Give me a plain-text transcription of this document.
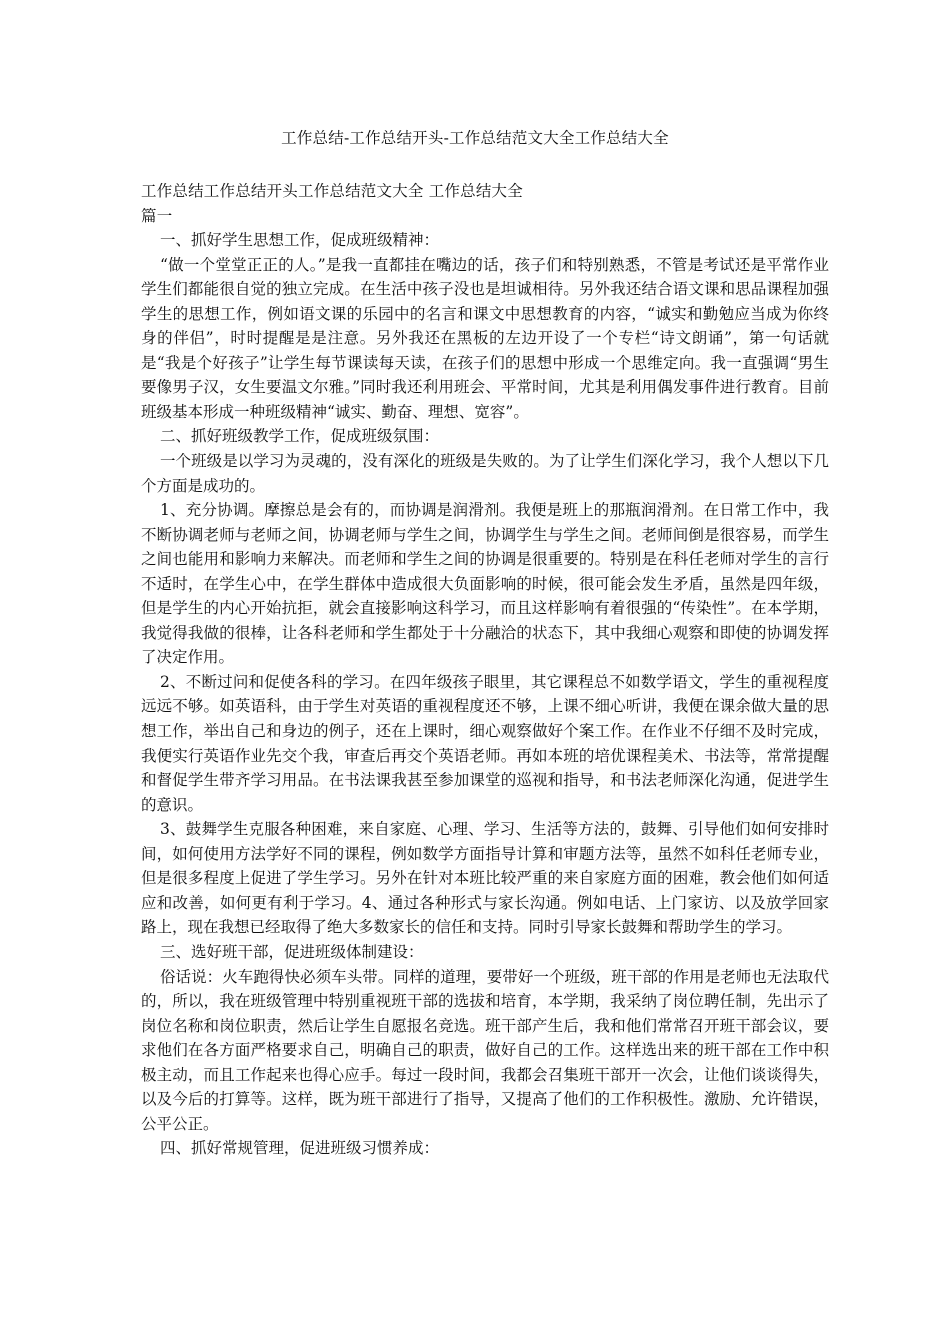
工作总结-工作总结开头-工作总结范文大全工作总结大全

工作总结工作总结开头工作总结范文大全 工作总结大全

篇一

一、抓好学生思想工作，促成班级精神：

“做一个堂堂正正的人。”是我一直都挂在嘴边的话，孩子们和特别熟悉，不管是考试还是平常作业学生们都能很自觉的独立完成。在生活中孩子没也是坦诚相待。另外我还结合语文课和思品课程加强学生的思想工作，例如语文课的乐园中的名言和课文中思想教育的内容，“诚实和勤勉应当成为你终身的伴侣”，时时提醒是是注意。另外我还在黑板的左边开设了一个专栏“诗文朗诵”，第一句话就是“我是个好孩子”让学生每节课读每天读，在孩子们的思想中形成一个思维定向。我一直强调“男生要像男子汉，女生要温文尔雅。”同时我还利用班会、平常时间，尤其是利用偶发事件进行教育。目前班级基本形成一种班级精神“诚实、勤奋、理想、宽容”。

二、抓好班级教学工作，促成班级氛围：

一个班级是以学习为灵魂的，没有深化的班级是失败的。为了让学生们深化学习，我个人想以下几个方面是成功的。

1、充分协调。摩擦总是会有的，而协调是润滑剂。我便是班上的那瓶润滑剂。在日常工作中，我不断协调老师与老师之间，协调老师与学生之间，协调学生与学生之间。老师间倒是很容易，而学生之间也能用和影响力来解决。而老师和学生之间的协调是很重要的。特别是在科任老师对学生的言行不适时，在学生心中，在学生群体中造成很大负面影响的时候，很可能会发生矛盾，虽然是四年级，但是学生的内心开始抗拒，就会直接影响这科学习，而且这样影响有着很强的“传染性”。在本学期，我觉得我做的很棒，让各科老师和学生都处于十分融洽的状态下，其中我细心观察和即使的协调发挥了决定作用。

2、不断过问和促使各科的学习。在四年级孩子眼里，其它课程总不如数学语文，学生的重视程度远远不够。如英语科，由于学生对英语的重视程度还不够，上课不细心听讲，我便在课余做大量的思想工作，举出自己和身边的例子，还在上课时，细心观察做好个案工作。在作业不仔细不及时完成，我便实行英语作业先交个我，审查后再交个英语老师。再如本班的培优课程美术、书法等，常常提醒和督促学生带齐学习用品。在书法课我甚至参加课堂的巡视和指导，和书法老师深化沟通，促进学生的意识。

3、鼓舞学生克服各种困难，来自家庭、心理、学习、生活等方法的，鼓舞、引导他们如何安排时间，如何使用方法学好不同的课程，例如数学方面指导计算和审题方法等，虽然不如科任老师专业，但是很多程度上促进了学生学习。另外在针对本班比较严重的来自家庭方面的困难，教会他们如何适应和改善，如何更有利于学习。4、通过各种形式与家长沟通。例如电话、上门家访、以及放学回家路上，现在我想已经取得了绝大多数家长的信任和支持。同时引导家长鼓舞和帮助学生的学习。

三、选好班干部，促进班级体制建设：

俗话说：火车跑得快必须车头带。同样的道理，要带好一个班级，班干部的作用是老师也无法取代的，所以，我在班级管理中特别重视班干部的选拔和培育，本学期，我采纳了岗位聘任制，先出示了岗位名称和岗位职责，然后让学生自愿报名竞选。班干部产生后，我和他们常常召开班干部会议，要求他们在各方面严格要求自己，明确自己的职责，做好自己的工作。这样选出来的班干部在工作中积极主动，而且工作起来也得心应手。每过一段时间，我都会召集班干部开一次会，让他们谈谈得失，以及今后的打算等。这样，既为班干部进行了指导，又提高了他们的工作积极性。激励、允许错误，公平公正。

四、抓好常规管理，促进班级习惯养成：
